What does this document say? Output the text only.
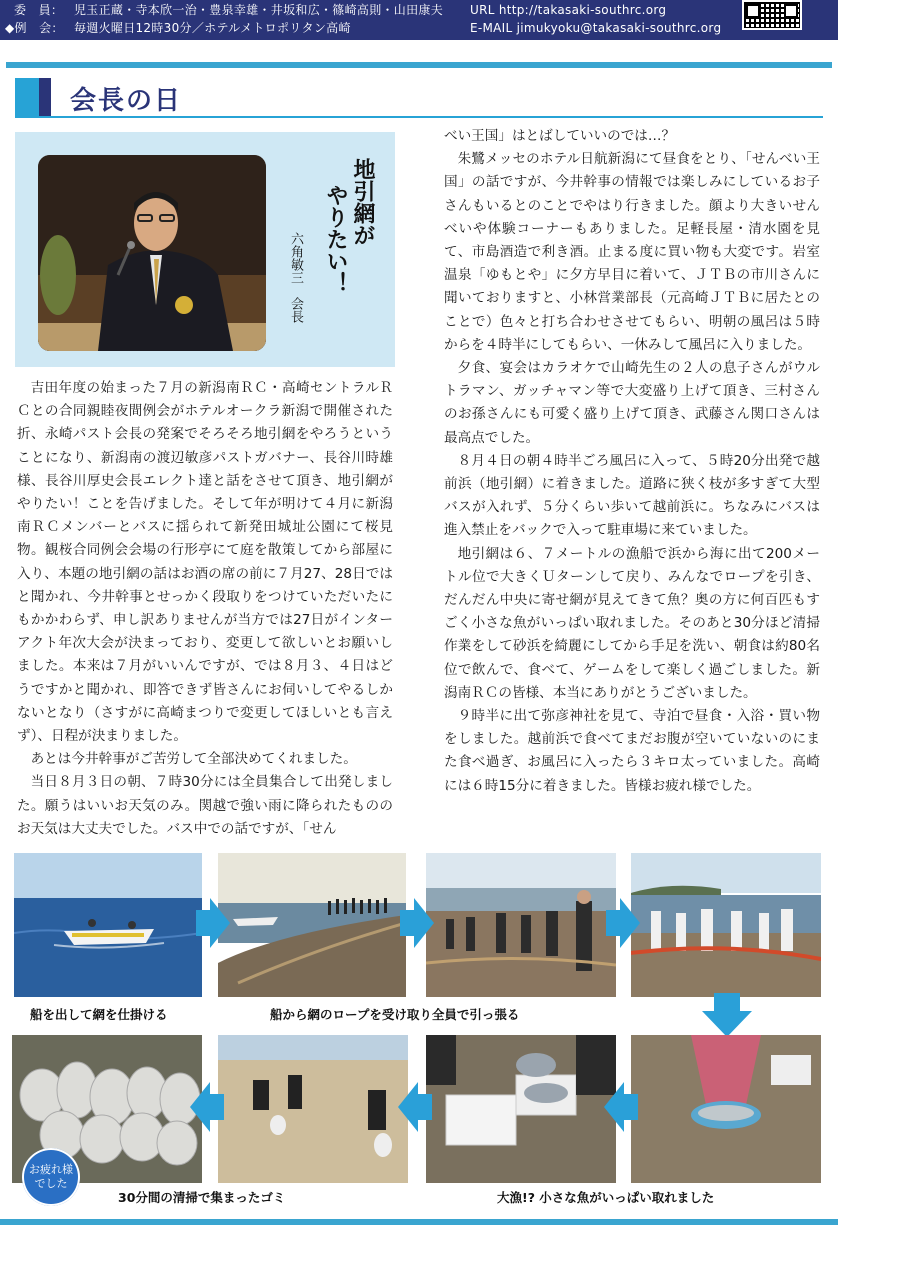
委　員： 児玉正蔵・寺本欣一治・豊泉幸雄・井坂和広・篠崎高則・山田康夫
◆例　会： 毎週火曜日12時30分／ホテルメトロポリタン高崎
URL http://takasaki-southrc.org
E-MAIL jimukyoku@takasaki-southrc.org
会長の日
地引網が
やりたい！
六角敏三　会長

吉田年度の始まった７月の新潟南ＲＣ・高崎セントラルＲＣとの合同親睦夜間例会がホテルオークラ新潟で開催された折、永崎パスト会長の発案でそろそろ地引網をやろうということになり、新潟南の渡辺敏彦パストガバナー、長谷川時雄様、長谷川厚史会長エレクト達と話をさせて頂き、地引網がやりたい！ことを告げました。そして年が明けて４月に新潟南ＲＣメンバーとバスに揺られて新発田城址公園にて桜見物。観桜合同例会会場の行形亭にて庭を散策してから部屋に入り、本題の地引網の話はお酒の席の前に７月27、28日ではと聞かれ、今井幹事とせっかく段取りをつけていただいたにもかかわらず、申し訳ありませんが当方では27日がインターアクト年次大会が決まっており、変更して欲しいとお願いしました。本来は７月がいいんですが、では８月３、４日はどうですかと聞かれ、即答できず皆さんにお伺いしてやるしかないとなり（さすがに高崎まつりで変更してほしいとも言えず）、日程が決まりました。

あとは今井幹事がご苦労して全部決めてくれました。

当日８月３日の朝、７時30分には全員集合して出発しました。願うはいいお天気のみ。関越で強い雨に降られたもののお天気は大丈夫でした。バス中での話ですが、「せん

べい王国」はとばしていいのでは…？

朱鷺メッセのホテル日航新潟にて昼食をとり、「せんべい王国」の話ですが、今井幹事の情報では楽しみにしているお子さんもいるとのことでやはり行きました。顔より大きいせんべいや体験コーナーもありました。足軽長屋・清水園を見て、市島酒造で利き酒。止まる度に買い物も大変です。岩室温泉「ゆもとや」に夕方早目に着いて、ＪＴＢの市川さんに聞いておりますと、小林営業部長（元高崎ＪＴＢに居たとのことで）色々と打ち合わせさせてもらい、明朝の風呂は５時からを４時半にしてもらい、一休みして風呂に入りました。

夕食、宴会はカラオケで山崎先生の２人の息子さんがウルトラマン、ガッチャマン等で大変盛り上げて頂き、三村さんのお孫さんにも可愛く盛り上げて頂き、武藤さん関口さんは最高点でした。

８月４日の朝４時半ごろ風呂に入って、５時20分出発で越前浜（地引網）に着きました。道路に狭く枝が多すぎて大型バスが入れず、５分くらい歩いて越前浜に。ちなみにバスは進入禁止をバックで入って駐車場に来ていました。

地引網は６、７メートルの漁船で浜から海に出て200メートル位で大きくＵターンして戻り、みんなでロープを引き、だんだん中央に寄せ網が見えてきて魚？奥の方に何百匹もすごく小さな魚がいっぱい取れました。そのあと30分ほど清掃作業をして砂浜を綺麗にしてから手足を洗い、朝食は約80名位で飲んで、食べて、ゲームをして楽しく過ごしました。新潟南ＲＣの皆様、本当にありがとうございました。

９時半に出て弥彦神社を見て、寺泊で昼食・入浴・買い物をしました。越前浜で食べてまだお腹が空いていないのにまた食べ過ぎ、お風呂に入ったら３キロ太っていました。高崎には６時15分に着きました。皆様お疲れ様でした。

船を出して網を仕掛ける	船から網のロープを受け取り全員で引っ張る
お疲れ様
でした
30分間の清掃で集まったゴミ	大漁!? 小さな魚がいっぱい取れました
